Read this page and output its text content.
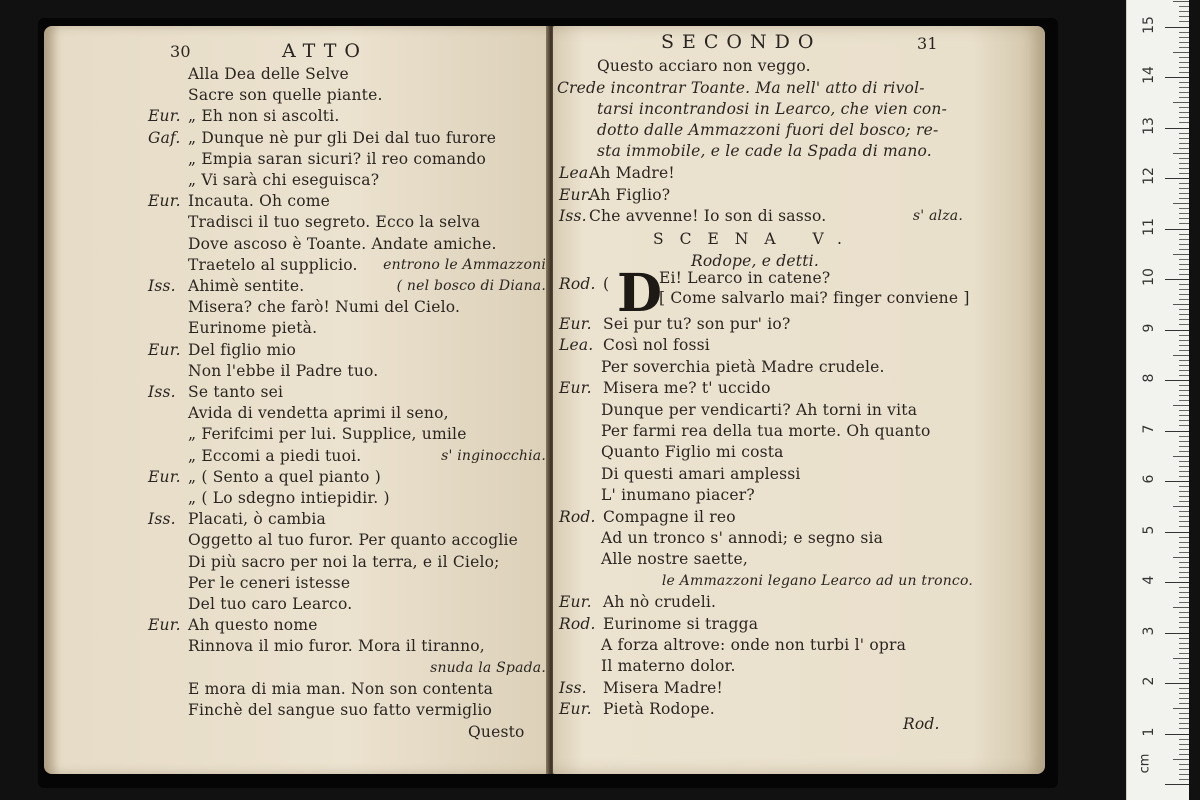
30	ATTO
Alla Dea delle Selve
Sacre son quelle piante.
Eur. „ Eh non si ascolti.
Gaf. „ Dunque nè pur gli Dei dal tuo furore
„ Empia saran sicuri? il reo comando
„ Vi sarà chi eseguisca?
Eur. Incauta. Oh come
Tradisci il tuo segreto. Ecco la selva
Dove ascoso è Toante. Andate amiche.
Traetelo al supplicio. entrono le Ammazzoni
Iss. Ahimè sentite.	( nel bosco di Diana.
Misera? che farò! Numi del Cielo.
Eurinome pietà.
Eur. Del figlio mio
Non l'ebbe il Padre tuo.
Iss. Se tanto sei
Avida di vendetta aprimi il seno,
„ Ferifcimi per lui. Supplice, umile
„ Eccomi a piedi tuoi.	s' inginocchia.
Eur. „ ( Sento a quel pianto )
„ ( Lo sdegno intiepidir. )
Iss. Placati, ò cambia
Oggetto al tuo furor. Per quanto accoglie
Di più sacro per noi la terra, e il Cielo;
Per le ceneri istesse
Del tuo caro Learco.
Eur. Ah questo nome
Rinnova il mio furor. Mora il tiranno,
snuda la Spada.
E mora di mia man. Non son contenta
Finchè del sangue suo fatto vermiglio
Questo
SECONDO	31
Questo acciaro non veggo.
Crede incontrar Toante. Ma nell' atto di rivol-
tarsi incontrandosi in Learco, che vien con-
dotto dalle Ammazzoni fuori del bosco; re-
sta immobile, e le cade la Spada di mano.
Lea.
Ah Madre!
Eur.
Ah Figlio?
Iss. Che avvenne! Io son di sasso.	s' alza.
SCENA V.
Rodope, e detti.
Rod. ( D
Ei! Learco in catene?
[ Come salvarlo mai? finger conviene ]
Eur. Sei pur tu? son pur' io?
Lea. Così nol fossi
Per soverchia pietà Madre crudele.
Eur. Misera me? t' uccido
Dunque per vendicarti? Ah torni in vita
Per farmi rea della tua morte. Oh quanto
Quanto Figlio mi costa
Di questi amari amplessi
L' inumano piacer?
Rod. Compagne il reo
Ad un tronco s' annodi; e segno sia
Alle nostre saette,
le Ammazzoni legano Learco ad un tronco.
Eur. Ah nò crudeli.
Rod. Eurinome si tragga
A forza altrove: onde non turbi l' opra
Il materno dolor.
Iss. Misera Madre!
Eur. Pietà Rodope.
Rod.
cm
15
14
13
12
11
10
9
8
7
6
5
4
3
2
1
